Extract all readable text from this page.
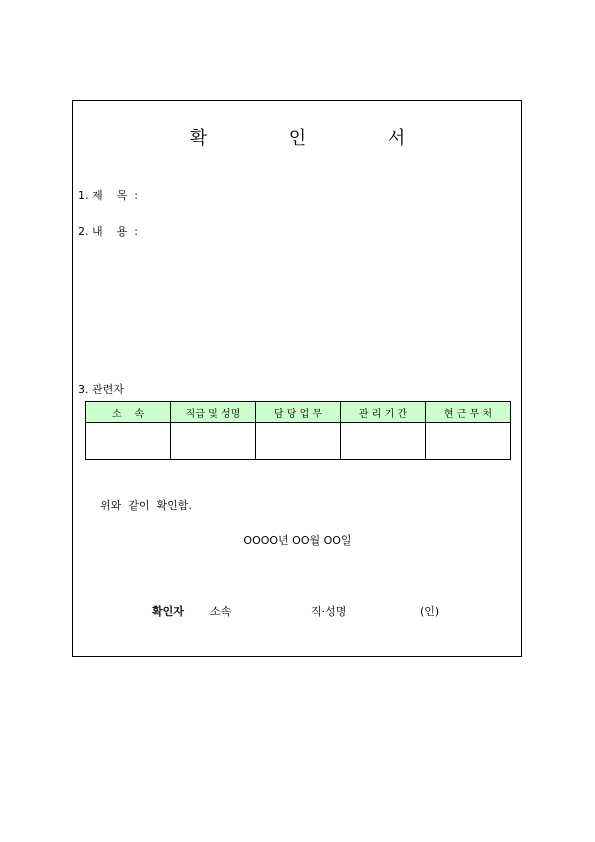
확 인 서
1. 제    목  :
2. 내    용  :
3. 관련자
소    속	직급 및 성명	담 당 업 무	관 리 기 간	현 근 무 처

위와  같이  확인함.
OOOO년 OO월 OO일
확인자 소속	직·성명	(인)
